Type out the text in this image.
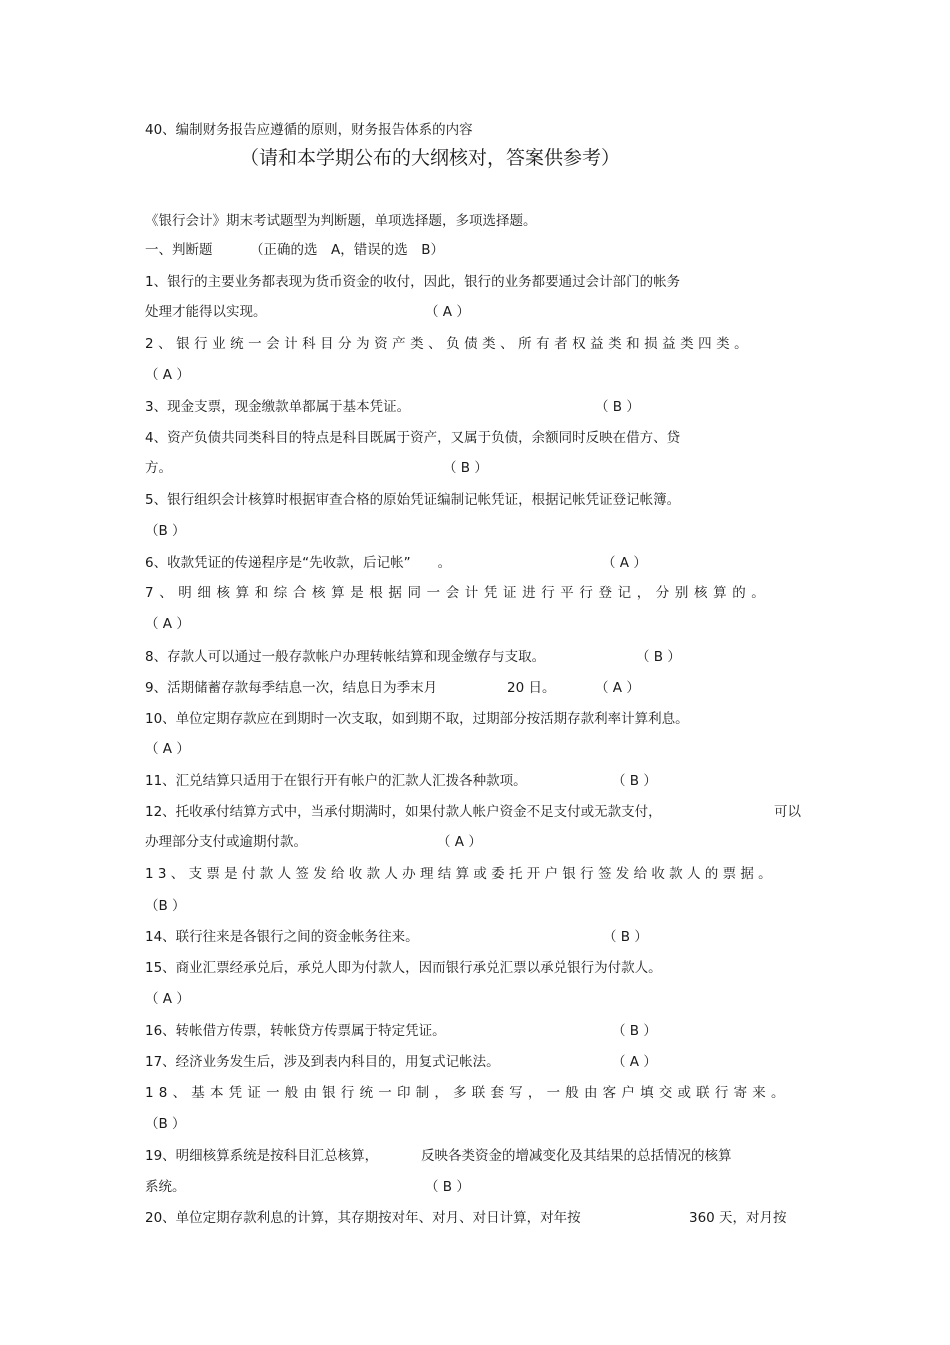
40、编制财务报告应遵循的原则，财务报告体系的内容
（请和本学期公布的大纲核对，答案供参考）
《银行会计》期末考试题型为判断题，单项选择题，多项选择题。
一、判断题	（正确的选　A，错误的选　B）
1、银行的主要业务都表现为货币资金的收付，因此，银行的业务都要通过会计部门的帐务
处理才能得以实现。	（ A ）
2、银行业统一会计科目分为资产类、负债类、所有者权益类和损益类四类。
（ A ）
3、现金支票，现金缴款单都属于基本凭证。	（ B ）
4、资产负债共同类科目的特点是科目既属于资产，又属于负债，余额同时反映在借方、贷
方。	（ B ）
5、银行组织会计核算时根据审查合格的原始凭证编制记帐凭证，根据记帐凭证登记帐簿。
（B ）
6、收款凭证的传递程序是“先收款，后记帐”　　。	（ A ）
7、明细核算和综合核算是根据同一会计凭证进行平行登记，分别核算的。
（ A ）
8、存款人可以通过一般存款帐户办理转帐结算和现金缴存与支取。	（ B ）
9、活期储蓄存款每季结息一次，结息日为季末月	20 日。	（ A ）
10、单位定期存款应在到期时一次支取，如到期不取，过期部分按活期存款利率计算利息。
（ A ）
11、汇兑结算只适用于在银行开有帐户的汇款人汇拨各种款项。	（ B ）
12、托收承付结算方式中，当承付期满时，如果付款人帐户资金不足支付或无款支付，	可以
办理部分支付或逾期付款。	（ A ）
13、支票是付款人签发给收款人办理结算或委托开户银行签发给收款人的票据。
（B ）
14、联行往来是各银行之间的资金帐务往来。	（ B ）
15、商业汇票经承兑后，承兑人即为付款人，因而银行承兑汇票以承兑银行为付款人。
（ A ）
16、转帐借方传票，转帐贷方传票属于特定凭证。	（ B ）
17、经济业务发生后，涉及到表内科目的，用复式记帐法。	（ A ）
18、基本凭证一般由银行统一印制，多联套写，一般由客户填交或联行寄来。
（B ）
19、明细核算系统是按科目汇总核算，	反映各类资金的增减变化及其结果的总括情况的核算
系统。	（ B ）
20、单位定期存款利息的计算，其存期按对年、对月、对日计算，对年按	360 天，对月按
